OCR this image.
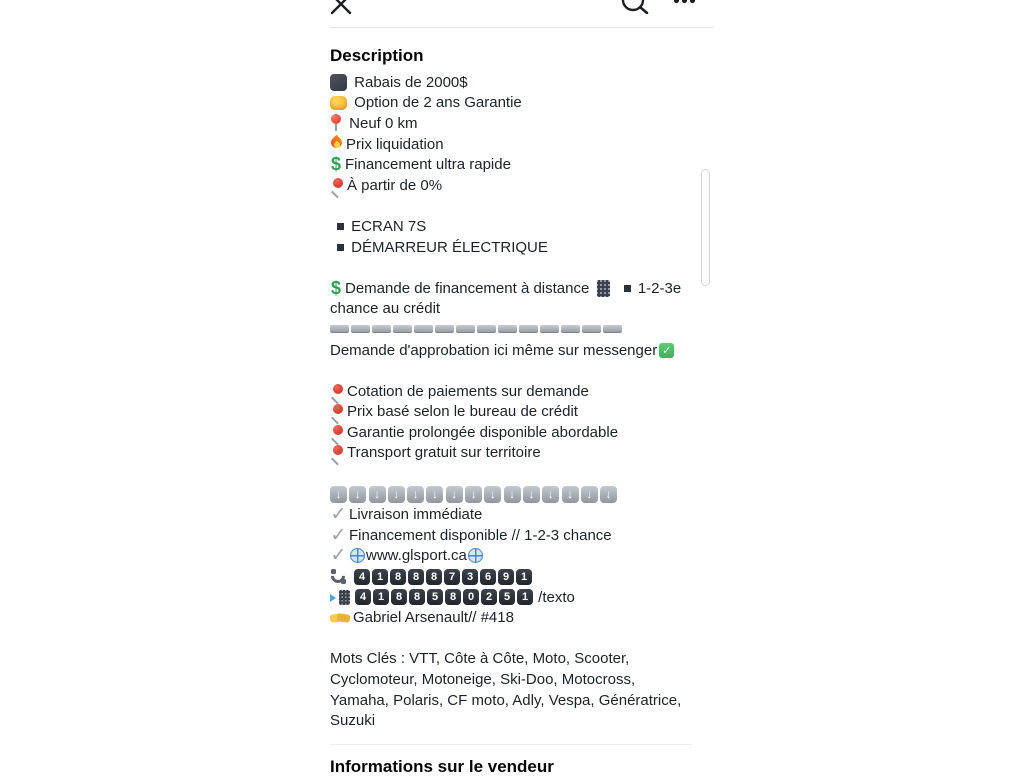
Description
Rabais de 2000$
Option de 2 ans Garantie
Neuf 0 km
Prix liquidation
$
Financement ultra rapide
À partir de 0%

ECRAN 7S

DÉMARREUR ÉLECTRIQUE

$
Demande de financement à distance
	1-2-3e
chance au crédit
Demande d'approbation ici même sur messenger
✓

Cotation de paiements sur demande
Prix basé selon le bureau de crédit
Garantie prolongée disponible abordable
Transport gratuit sur territoire

↓
↓
↓
↓
↓
↓
↓
↓
↓
↓
↓
↓
↓
↓
↓
✓
Livraison immédiate
✓
Financement disponible // 1-2-3 chance
✓
www.glsport.ca
4	1	8	8	8	7	3	6	9	1
4	1	8	8	5	8	0	2	5	1 /texto
Gabriel Arsenault// #418

Mots Clés : VTT, Côte à Côte, Moto, Scooter,
Cyclomoteur, Motoneige, Ski-Doo, Motocross,
Yamaha, Polaris, CF moto, Adly, Vespa, Génératrice,
Suzuki
Informations sur le vendeur
